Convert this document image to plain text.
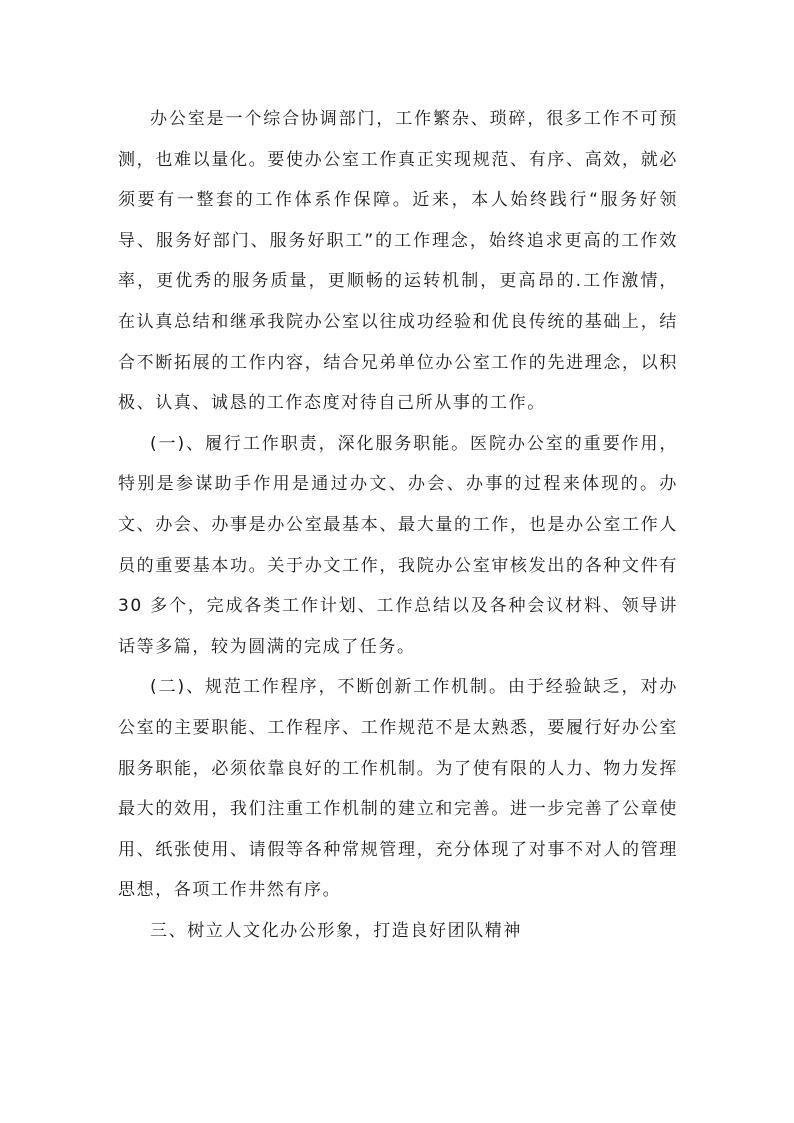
办公室是一个综合协调部门，工作繁杂、琐碎，很多工作不可预测，也难以量化。要使办公室工作真正实现规范、有序、高效，就必须要有一整套的工作体系作保障。近来，本人始终践行“服务好领导、服务好部门、服务好职工”的工作理念，始终追求更高的工作效率，更优秀的服务质量，更顺畅的运转机制，更高昂的.工作激情，在认真总结和继承我院办公室以往成功经验和优良传统的基础上，结合不断拓展的工作内容，结合兄弟单位办公室工作的先进理念，以积极、认真、诚恳的工作态度对待自己所从事的工作。

(一)、履行工作职责，深化服务职能。医院办公室的重要作用，特别是参谋助手作用是通过办文、办会、办事的过程来体现的。办文、办会、办事是办公室最基本、最大量的工作，也是办公室工作人员的重要基本功。关于办文工作，我院办公室审核发出的各种文件有 30 多个，完成各类工作计划、工作总结以及各种会议材料、领导讲话等多篇，较为圆满的完成了任务。

(二)、规范工作程序，不断创新工作机制。由于经验缺乏，对办公室的主要职能、工作程序、工作规范不是太熟悉，要履行好办公室服务职能，必须依靠良好的工作机制。为了使有限的人力、物力发挥最大的效用，我们注重工作机制的建立和完善。进一步完善了公章使用、纸张使用、请假等各种常规管理，充分体现了对事不对人的管理思想，各项工作井然有序。

三、树立人文化办公形象，打造良好团队精神
